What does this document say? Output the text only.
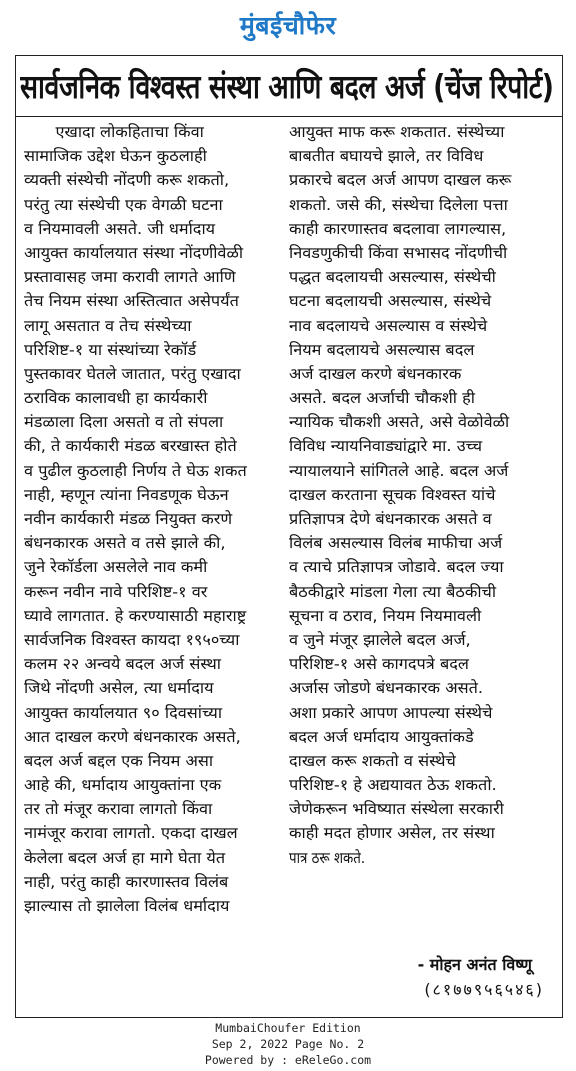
मुंबईचौफेर
सार्वजनिक विश्वस्त संस्था आणि बदल अर्ज (चेंज रिपोर्ट)
एखादा लोकहिताचा किंवा
सामाजिक उद्देश घेऊन कुठलाही
व्यक्ती संस्थेची नोंदणी करू शकतो,
परंतु त्या संस्थेची एक वेगळी घटना
व नियमावली असते. जी धर्मादाय
आयुक्त कार्यालयात संस्था नोंदणीवेळी
प्रस्तावासह जमा करावी लागते आणि
तेच नियम संस्था अस्तित्वात असेपर्यंत
लागू असतात व तेच संस्थेच्या
परिशिष्ट-१ या संस्थांच्या रेकॉर्ड
पुस्तकावर घेतले जातात, परंतु एखादा
ठराविक कालावधी हा कार्यकारी
मंडळाला दिला असतो व तो संपला
की, ते कार्यकारी मंडळ बरखास्त होते
व पुढील कुठलाही निर्णय ते घेऊ शकत
नाही, म्हणून त्यांना निवडणूक घेऊन
नवीन कार्यकारी मंडळ नियुक्त करणे
बंधनकारक असते व तसे झाले की,
जुने रेकॉर्डला असलेले नाव कमी
करून नवीन नावे परिशिष्ट-१ वर
घ्यावे लागतात. हे करण्यासाठी महाराष्ट्र
सार्वजनिक विश्वस्त कायदा १९५०च्या
कलम २२ अन्वये बदल अर्ज संस्था
जिथे नोंदणी असेल, त्या धर्मादाय
आयुक्त कार्यालयात ९० दिवसांच्या
आत दाखल करणे बंधनकारक असते,
बदल अर्ज बद्दल एक नियम असा
आहे की, धर्मादाय आयुक्तांना एक
तर तो मंजूर करावा लागतो किंवा
नामंजूर करावा लागतो. एकदा दाखल
केलेला बदल अर्ज हा मागे घेता येत
नाही, परंतु काही कारणास्तव विलंब
झाल्यास तो झालेला विलंब धर्मादाय
आयुक्त माफ करू शकतात. संस्थेच्या
बाबतीत बघायचे झाले, तर विविध
प्रकारचे बदल अर्ज आपण दाखल करू
शकतो. जसे की, संस्थेचा दिलेला पत्ता
काही कारणास्तव बदलावा लागल्यास,
निवडणुकीची किंवा सभासद नोंदणीची
पद्धत बदलायची असल्यास, संस्थेची
घटना बदलायची असल्यास, संस्थेचे
नाव बदलायचे असल्यास व संस्थेचे
नियम बदलायचे असल्यास बदल
अर्ज दाखल करणे बंधनकारक
असते. बदल अर्जाची चौकशी ही
न्यायिक चौकशी असते, असे वेळोवेळी
विविध न्यायनिवाड्यांद्वारे मा. उच्च
न्यायालयाने सांगितले आहे. बदल अर्ज
दाखल करताना सूचक विश्वस्त यांचे
प्रतिज्ञापत्र देणे बंधनकारक असते व
विलंब असल्यास विलंब माफीचा अर्ज
व त्याचे प्रतिज्ञापत्र जोडावे. बदल ज्या
बैठकीद्वारे मांडला गेला त्या बैठकीची
सूचना व ठराव, नियम नियमावली
व जुने मंजूर झालेले बदल अर्ज,
परिशिष्ट-१ असे कागदपत्रे बदल
अर्जास जोडणे बंधनकारक असते.
अशा प्रकारे आपण आपल्या संस्थेचे
बदल अर्ज धर्मादाय आयुक्तांकडे
दाखल करू शकतो व संस्थेचे
परिशिष्ट-१ हे अद्ययावत ठेऊ शकतो.
जेणेकरून भविष्यात संस्थेला सरकारी
काही मदत होणार असेल, तर संस्था
पात्र ठरू शकते.
- मोहन अनंत विष्णू
(८१७७९५६५४६)
MumbaiChoufer Edition
Sep 2, 2022 Page No. 2
Powered by : eReleGo.com
